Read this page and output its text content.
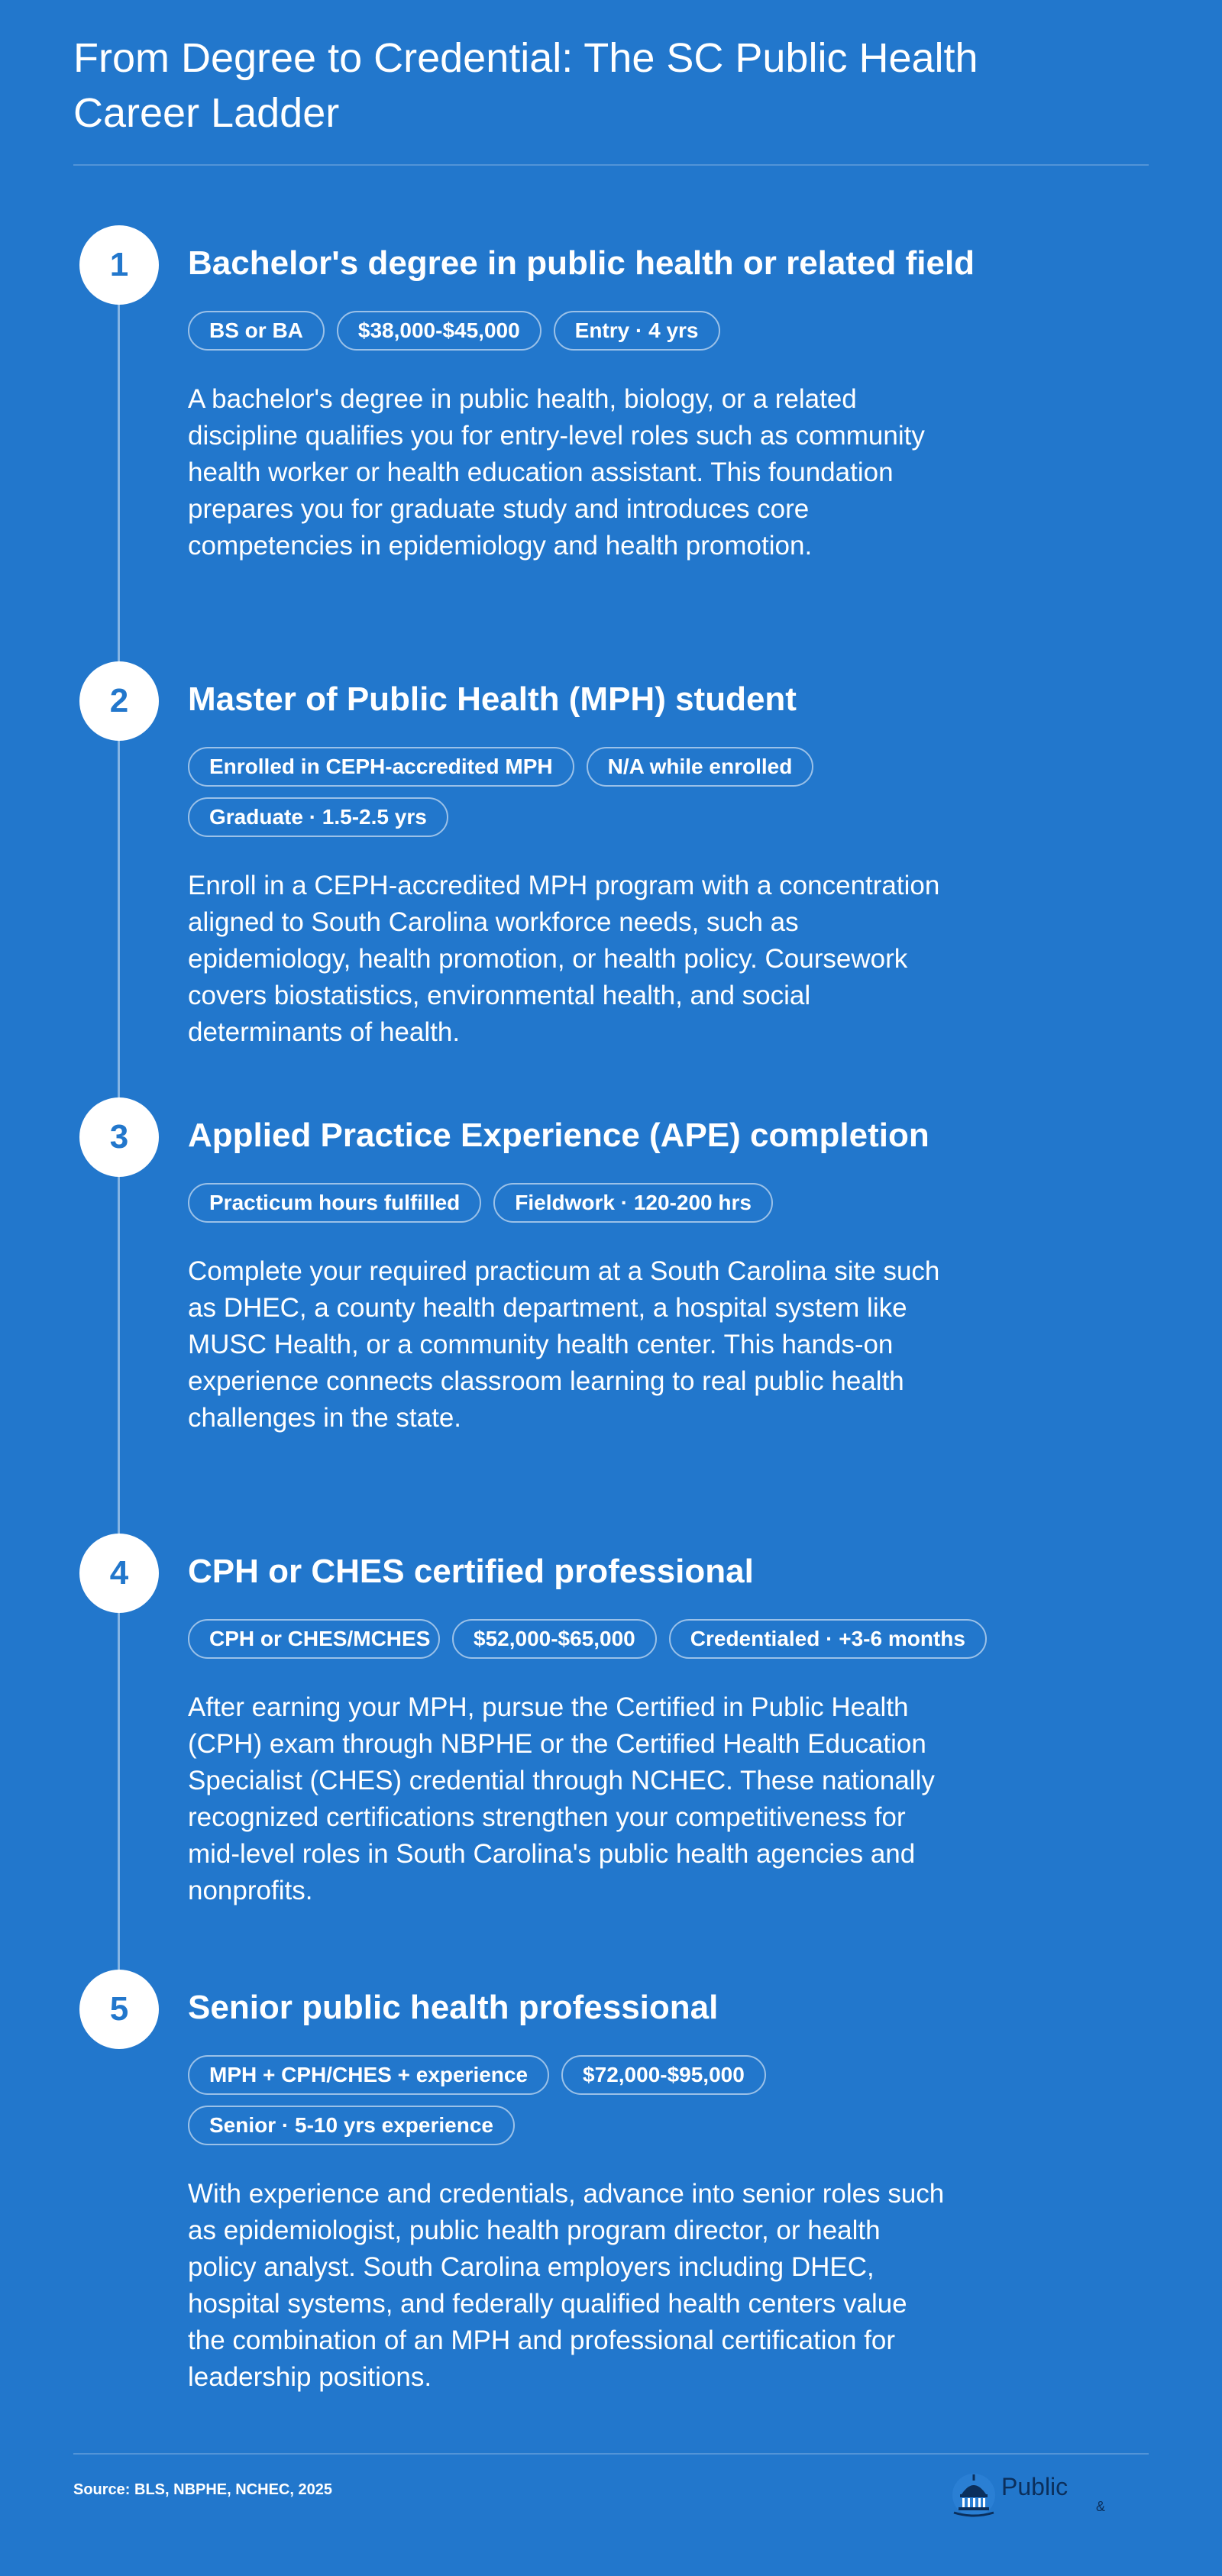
From Degree to Credential: The SC Public Health Career Ladder
1	Bachelor's degree in public health or related field
BS or BA	$38,000-$45,000	Entry · 4 yrs

A bachelor's degree in public health, biology, or a related discipline qualifies you for entry-level roles such as community health worker or health education assistant. This foundation prepares you for graduate study and introduces core competencies in epidemiology and health promotion.

2	Master of Public Health (MPH) student
Enrolled in CEPH-accredited MPH	N/A while enrolled
Graduate · 1.5-2.5 yrs

Enroll in a CEPH-accredited MPH program with a concentration aligned to South Carolina workforce needs, such as epidemiology, health promotion, or health policy. Coursework covers biostatistics, environmental health, and social determinants of health.

3	Applied Practice Experience (APE) completion
Practicum hours fulfilled	Fieldwork · 120-200 hrs

Complete your required practicum at a South Carolina site such as DHEC, a county health department, a hospital system like MUSC Health, or a community health center. This hands-on experience connects classroom learning to real public health challenges in the state.

4	CPH or CHES certified professional
CPH or CHES/MCHES	$52,000-$65,000	Credentialed · +3-6 months

After earning your MPH, pursue the Certified in Public Health (CPH) exam through NBPHE or the Certified Health Education Specialist (CHES) credential through NCHEC. These nationally recognized certifications strengthen your competitiveness for mid-level roles in South Carolina's public health agencies and nonprofits.

5	Senior public health professional
MPH + CPH/CHES + experience	$72,000-$95,000
Senior · 5-10 yrs experience

With experience and credentials, advance into senior roles such as epidemiologist, public health program director, or health policy analyst. South Carolina employers including DHEC, hospital systems, and federally qualified health centers value the combination of an MPH and professional certification for leadership positions.

Source: BLS, NBPHE, NCHEC, 2025	Public
&
